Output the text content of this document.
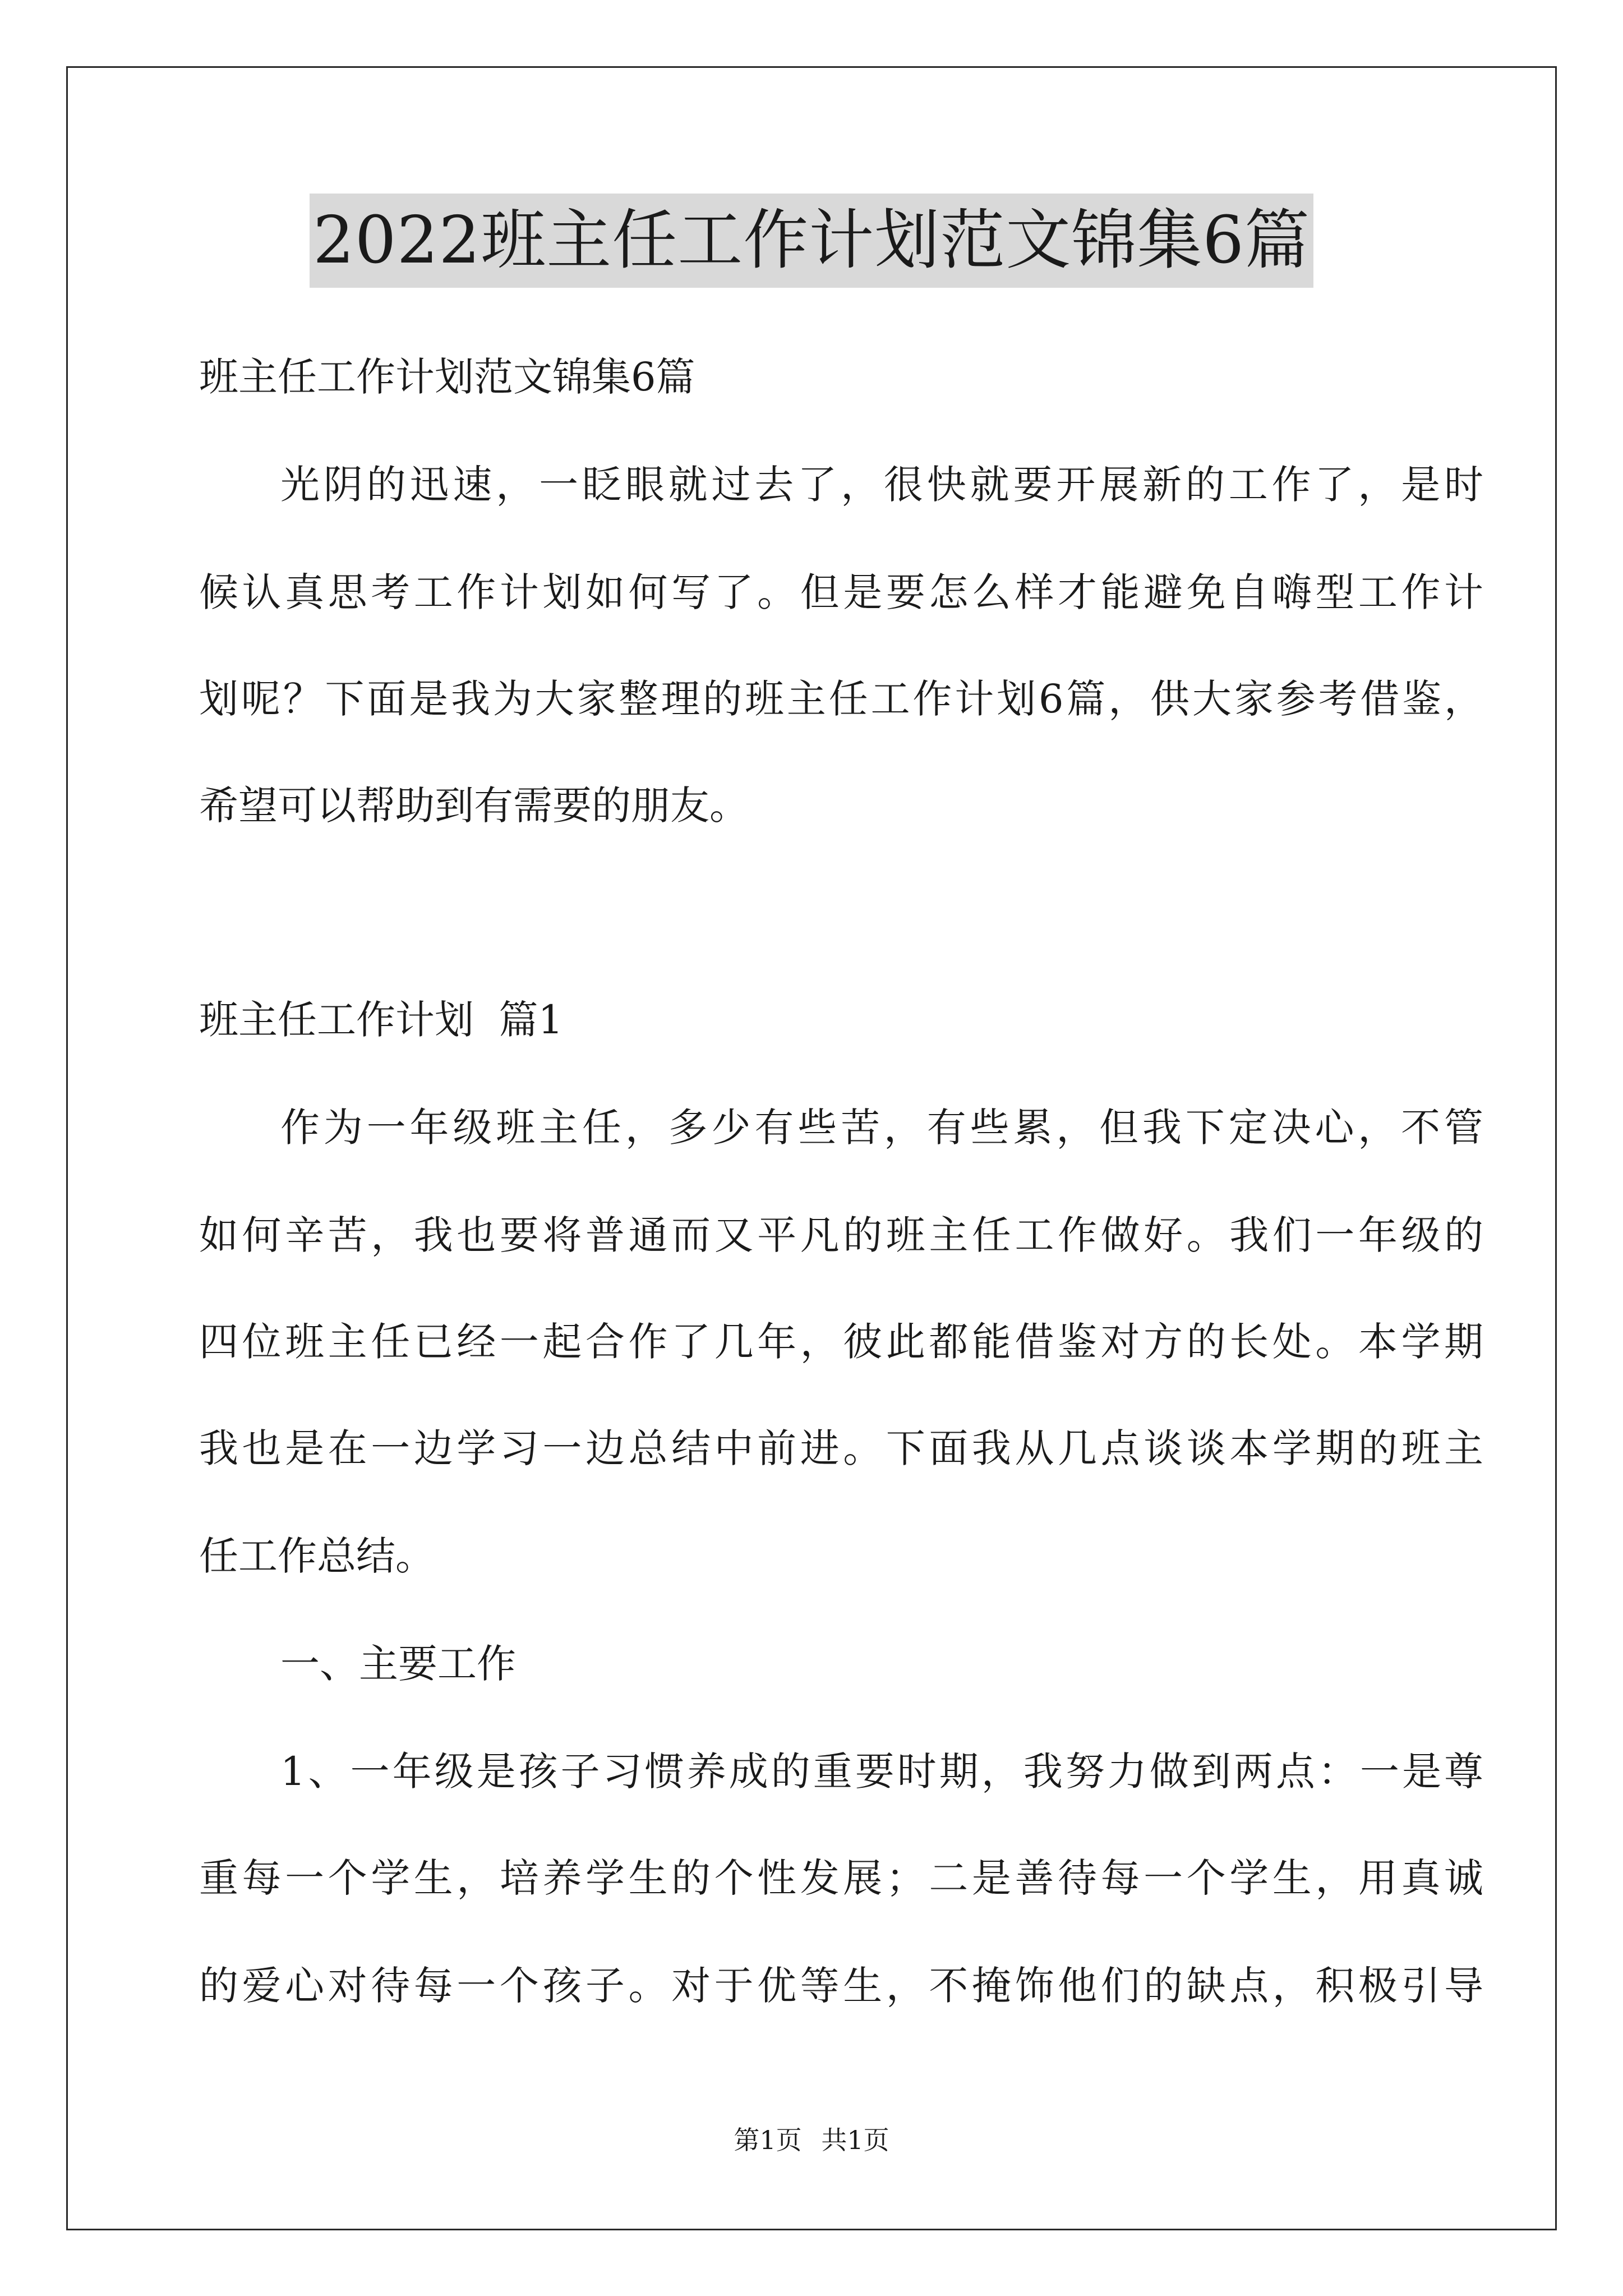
2022班主任工作计划范文锦集6篇
班主任工作计划范文锦集6篇
光阴的迅速，一眨眼就过去了，很快就要开展新的工作了，是时
候认真思考工作计划如何写了。但是要怎么样才能避免自嗨型工作计
划呢？下面是我为大家整理的班主任工作计划6篇，供大家参考借鉴，
希望可以帮助到有需要的朋友。
班主任工作计划  篇1
作为一年级班主任，多少有些苦，有些累，但我下定决心，不管
如何辛苦，我也要将普通而又平凡的班主任工作做好。我们一年级的
四位班主任已经一起合作了几年，彼此都能借鉴对方的长处。本学期
我也是在一边学习一边总结中前进。下面我从几点谈谈本学期的班主
任工作总结。
一、主要工作
1、一年级是孩子习惯养成的重要时期，我努力做到两点：一是尊
重每一个学生，培养学生的个性发展；二是善待每一个学生，用真诚
的爱心对待每一个孩子。对于优等生，不掩饰他们的缺点，积极引导
第1页 共1页
